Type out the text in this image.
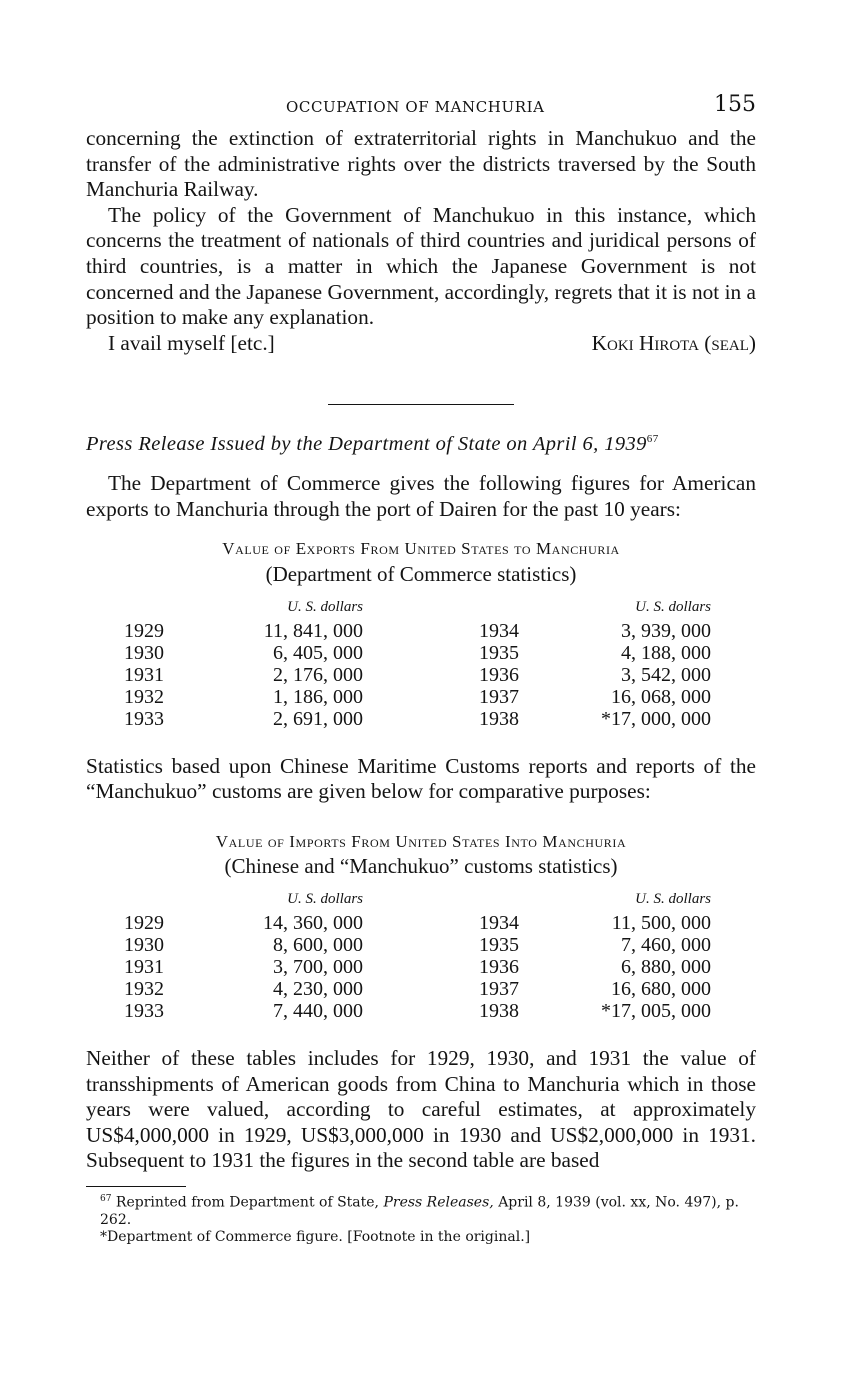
OCCUPATION OF MANCHURIA	155

concerning the extinction of extraterritorial rights in Manchukuo and the transfer of the administrative rights over the districts traversed by the South Manchuria Railway.

The policy of the Government of Manchukuo in this instance, which concerns the treatment of nationals of third countries and juridical persons of third countries, is a matter in which the Japanese Government is not concerned and the Japanese Government, accordingly, regrets that it is not in a position to make any explanation.

I avail myself [etc.]	Koki Hirota (seal)

Press Release Issued by the Department of State on April 6, 1939$^{67}$

The Department of Commerce gives the following figures for American exports to Manchuria through the port of Dairen for the past 10 years:

Value of Exports From United States to Manchuria
(Department of Commerce statistics)
	U. S. dollars			U. S. dollars
1929	11, 841, 000		1934	3, 939, 000
1930	6, 405, 000		1935	4, 188, 000
1931	2, 176, 000		1936	3, 542, 000
1932	1, 186, 000		1937	16, 068, 000
1933	2, 691, 000		1938	*17, 000, 000

Statistics based upon Chinese Maritime Customs reports and reports of the “Manchukuo” customs are given below for comparative purposes:

Value of Imports From United States Into Manchuria
(Chinese and “Manchukuo” customs statistics)
	U. S. dollars			U. S. dollars
1929	14, 360, 000		1934	11, 500, 000
1930	8, 600, 000		1935	7, 460, 000
1931	3, 700, 000		1936	6, 880, 000
1932	4, 230, 000		1937	16, 680, 000
1933	7, 440, 000		1938	*17, 005, 000

Neither of these tables includes for 1929, 1930, and 1931 the value of transshipments of American goods from China to Manchuria which in those years were valued, according to careful estimates, at approximately US$4,000,000 in 1929, US$3,000,000 in 1930 and US$2,000,000 in 1931. Subsequent to 1931 the figures in the second table are based

$^{67}$ Reprinted from Department of State, Press Releases, April 8, 1939 (vol. xx, No. 497), p. 262.

*Department of Commerce figure. [Footnote in the original.]
